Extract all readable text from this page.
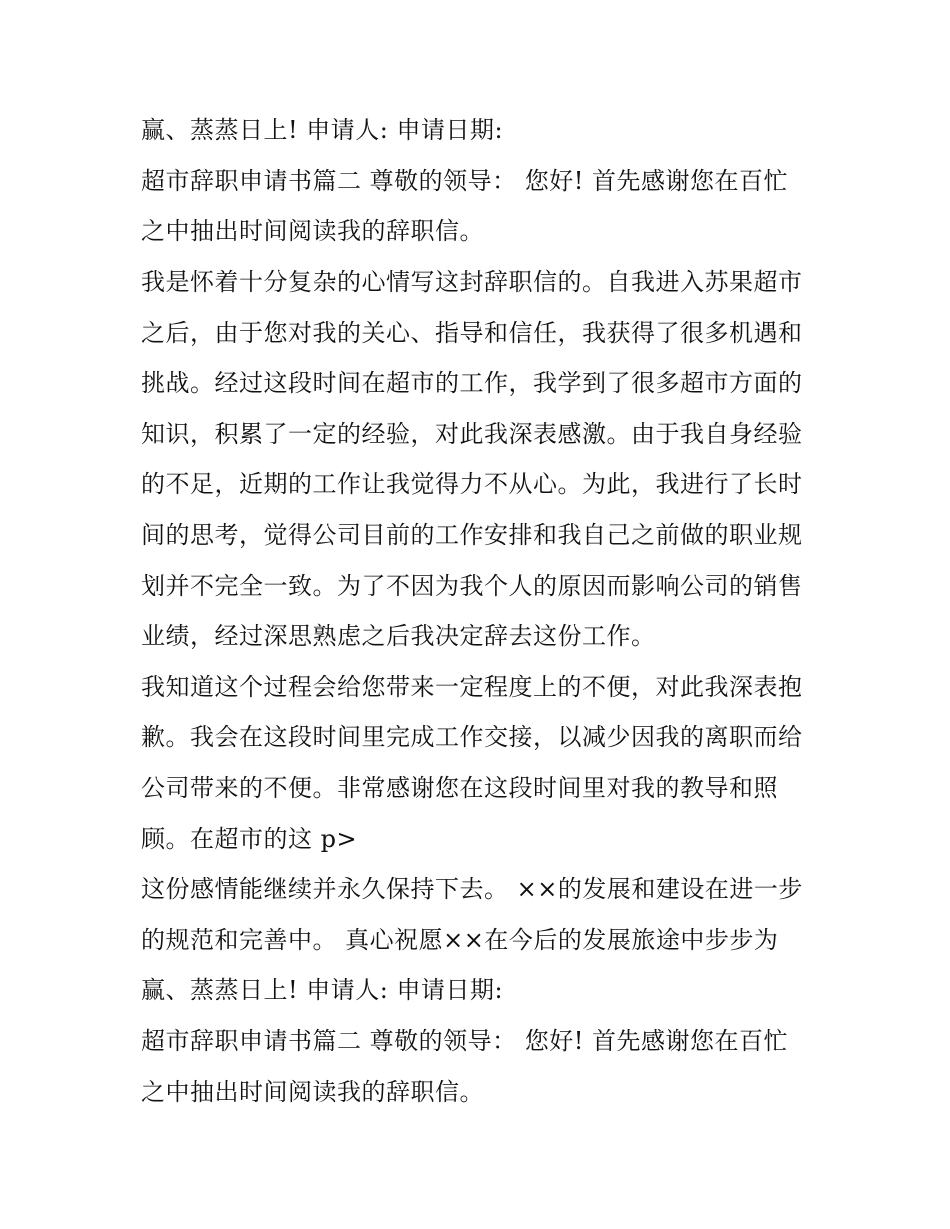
赢、蒸蒸日上! 申请人: 申请日期:
超市辞职申请书篇二 尊敬的领导： 您好! 首先感谢您在百忙
之中抽出时间阅读我的辞职信。
我是怀着十分复杂的心情写这封辞职信的。自我进入苏果超市
之后，由于您对我的关心、指导和信任，我获得了很多机遇和
挑战。经过这段时间在超市的工作，我学到了很多超市方面的
知识，积累了一定的经验，对此我深表感激。由于我自身经验
的不足，近期的工作让我觉得力不从心。为此，我进行了长时
间的思考，觉得公司目前的工作安排和我自己之前做的职业规
划并不完全一致。为了不因为我个人的原因而影响公司的销售
业绩，经过深思熟虑之后我决定辞去这份工作。
我知道这个过程会给您带来一定程度上的不便，对此我深表抱
歉。我会在这段时间里完成工作交接，以减少因我的离职而给
公司带来的不便。非常感谢您在这段时间里对我的教导和照
顾。在超市的这 p>
这份感情能继续并永久保持下去。 ××的发展和建设在进一步
的规范和完善中。 真心祝愿××在今后的发展旅途中步步为
赢、蒸蒸日上! 申请人: 申请日期:
超市辞职申请书篇二 尊敬的领导： 您好! 首先感谢您在百忙
之中抽出时间阅读我的辞职信。
